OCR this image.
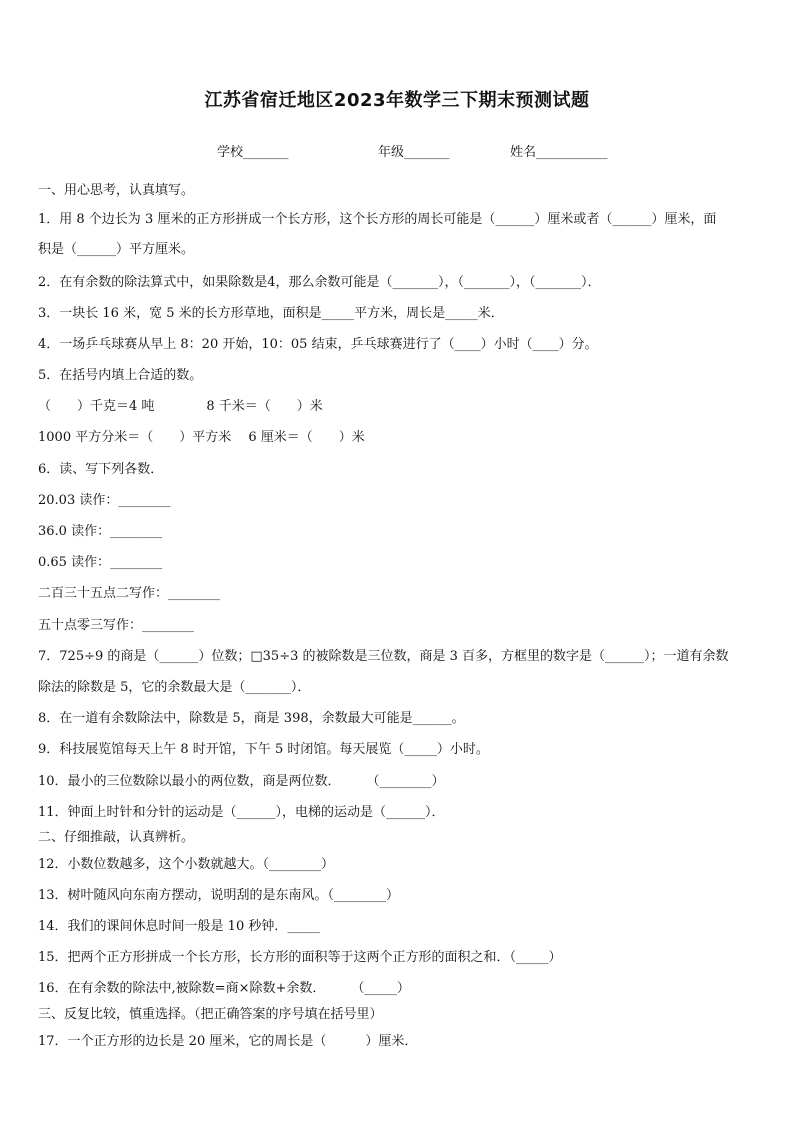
江苏省宿迁地区2023年数学三下期末预测试题
学校_______	年级_______	姓名___________
一、用心思考，认真填写。
1．用 8 个边长为 3 厘米的正方形拼成一个长方形，这个长方形的周长可能是（______）厘米或者（______）厘米，面
积是（______）平方厘米。
2．在有余数的除法算式中，如果除数是4，那么余数可能是（_______），（_______），（_______）．
3．一块长 16 米，宽 5 米的长方形草地，面积是_____平方米，周长是_____米．
4．一场乒乓球赛从早上 8：20 开始，10：05 结束，乒乓球赛进行了（____）小时（____）分。
5．在括号内填上合适的数。
（　　）千克＝4 吨　　　　8 千米＝（　　）米
1000 平方分米＝（　　）平方米　 6 厘米＝（　　）米
6．读、写下列各数．
20.03 读作：________
36.0 读作：________
0.65 读作：________
二百三十五点二写作：________
五十点零三写作：________
7．725÷9 的商是（______）位数；□35÷3 的被除数是三位数，商是 3 百多，方框里的数字是（______）；一道有余数
除法的除数是 5，它的余数最大是（_______）．
8．在一道有余数除法中，除数是 5，商是 398，余数最大可能是______。
9．科技展览馆每天上午 8 时开馆，下午 5 时闭馆。每天展览（_____）小时。
10．最小的三位数除以最小的两位数，商是两位数．　　　（________）
11．钟面上时针和分针的运动是（______），电梯的运动是（______）．
二、仔细推敲，认真辨析。
12．小数位数越多，这个小数就越大。（________）
13．树叶随风向东南方摆动，说明刮的是东南风。（________）
14．我们的课间休息时间一般是 10 秒钟．_____
15．把两个正方形拼成一个长方形，长方形的面积等于这两个正方形的面积之和．（_____）
16．在有余数的除法中,被除数=商×除数+余数．　　　（_____）
三、反复比较，慎重选择。（把正确答案的序号填在括号里）
17．一个正方形的边长是 20 厘米，它的周长是（　　　）厘米．
